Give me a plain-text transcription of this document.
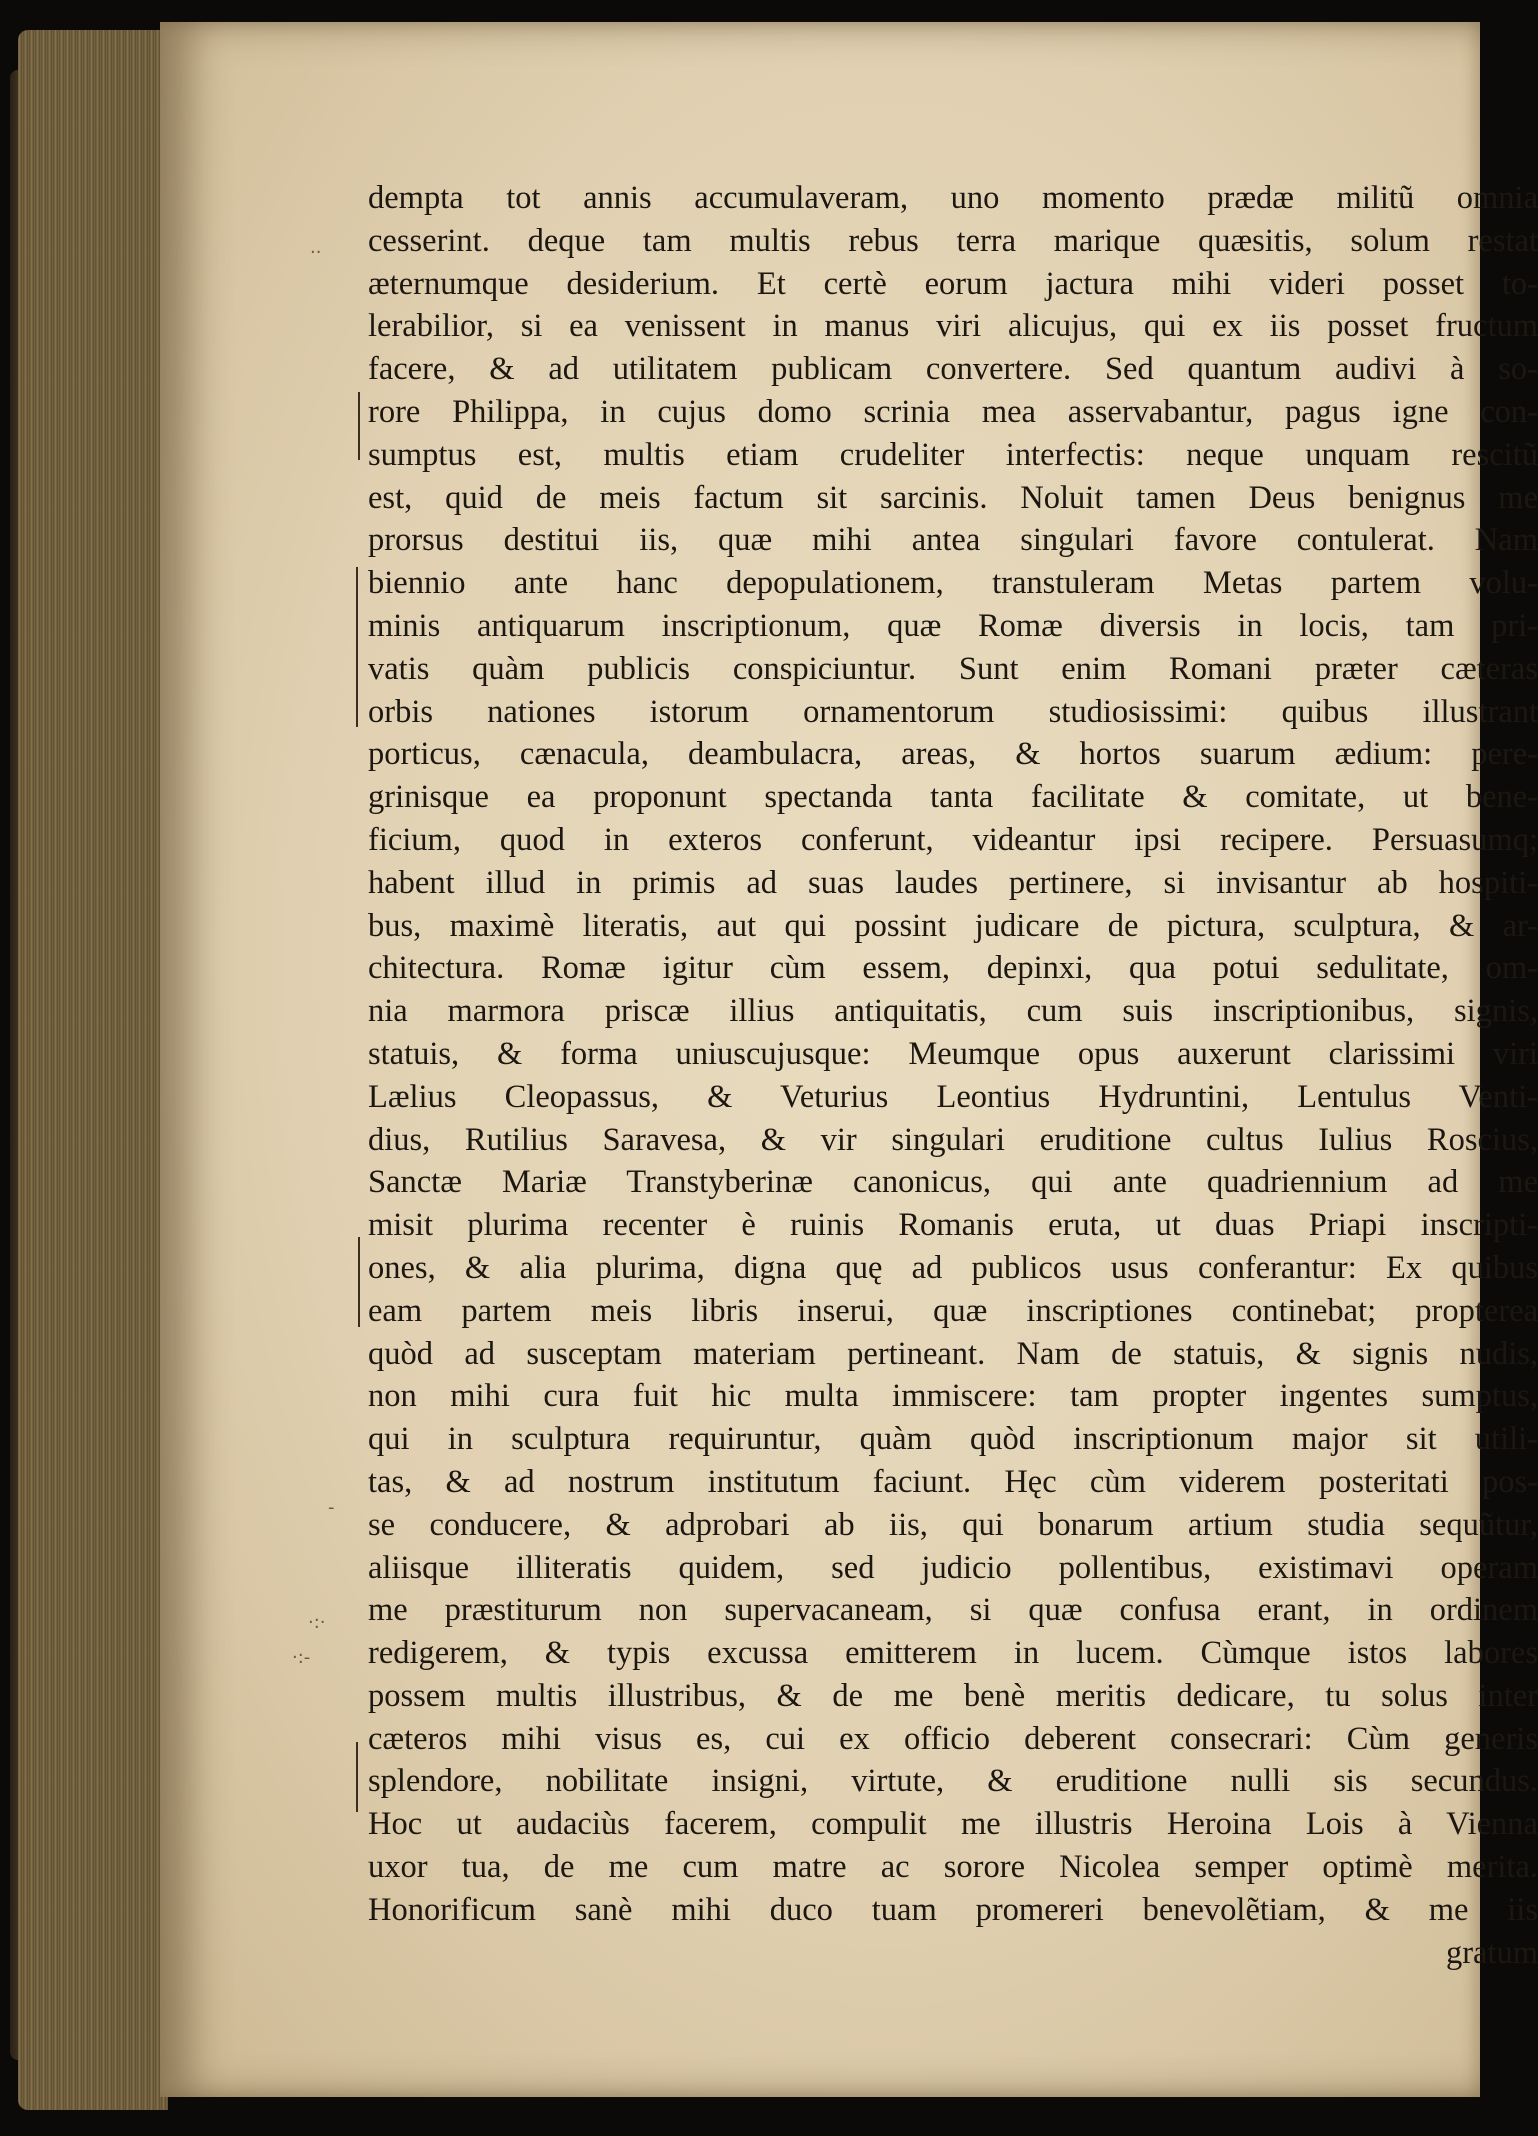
..
-
·:·
·:-
dempta tot annis accumulaveram, uno momento prædæ militũ omnia
cesserint. deque tam multis rebus terra marique quæsitis, solum restat
æternumque desiderium. Et certè eorum jactura mihi videri posset to-
lerabilior, si ea venissent in manus viri alicujus, qui ex iis posset fructum
facere, & ad utilitatem publicam convertere. Sed quantum audivi à so-
rore Philippa, in cujus domo scrinia mea asservabantur, pagus igne con-
sumptus est, multis etiam crudeliter interfectis: neque unquam rescitũ
est, quid de meis factum sit sarcinis. Noluit tamen Deus benignus me
prorsus destitui iis, quæ mihi antea singulari favore contulerat. Nam
biennio ante hanc depopulationem, transtuleram Metas partem volu-
minis antiquarum inscriptionum, quæ Romæ diversis in locis, tam pri-
vatis quàm publicis conspiciuntur. Sunt enim Romani præter cæteras
orbis nationes istorum ornamentorum studiosissimi: quibus illustrant
porticus, cænacula, deambulacra, areas, & hortos suarum ædium: pere-
grinisque ea proponunt spectanda tanta facilitate & comitate, ut bene-
ficium, quod in exteros conferunt, videantur ipsi recipere. Persuasumq;
habent illud in primis ad suas laudes pertinere, si invisantur ab hospiti-
bus, maximè literatis, aut qui possint judicare de pictura, sculptura, & ar-
chitectura. Romæ igitur cùm essem, depinxi, qua potui sedulitate, om-
nia marmora priscæ illius antiquitatis, cum suis inscriptionibus, signis,
statuis, & forma uniuscujusque: Meumque opus auxerunt clarissimi viri
Lælius Cleopassus, & Veturius Leontius Hydruntini, Lentulus Venti-
dius, Rutilius Saravesa, & vir singulari eruditione cultus Iulius Roscius,
Sanctæ Mariæ Transtyberinæ canonicus, qui ante quadriennium ad me
misit plurima recenter è ruinis Romanis eruta, ut duas Priapi inscripti-
ones, & alia plurima, digna quę ad publicos usus conferantur: Ex quibus
eam partem meis libris inserui, quæ inscriptiones continebat; propterea
quòd ad susceptam materiam pertineant. Nam de statuis, & signis nudis,
non mihi cura fuit hic multa immiscere: tam propter ingentes sumptus,
qui in sculptura requiruntur, quàm quòd inscriptionum major sit utili-
tas, & ad nostrum institutum faciunt. Hęc cùm viderem posteritati pos-
se conducere, & adprobari ab iis, qui bonarum artium studia sequũtur,
aliisque illiteratis quidem, sed judicio pollentibus, existimavi operam
me præstiturum non supervacaneam, si quæ confusa erant, in ordinem
redigerem, & typis excussa emitterem in lucem. Cùmque istos labores
possem multis illustribus, & de me benè meritis dedicare, tu solus inter
cæteros mihi visus es, cui ex officio deberent consecrari: Cùm generis
splendore, nobilitate insigni, virtute, & eruditione nulli sis secundus.
Hoc ut audaciùs facerem, compulit me illustris Heroina Lois à Vienna
uxor tua, de me cum matre ac sorore Nicolea semper optimè merita.
Honorificum sanè mihi duco tuam promereri benevolẽtiam, & me iis
gratum
